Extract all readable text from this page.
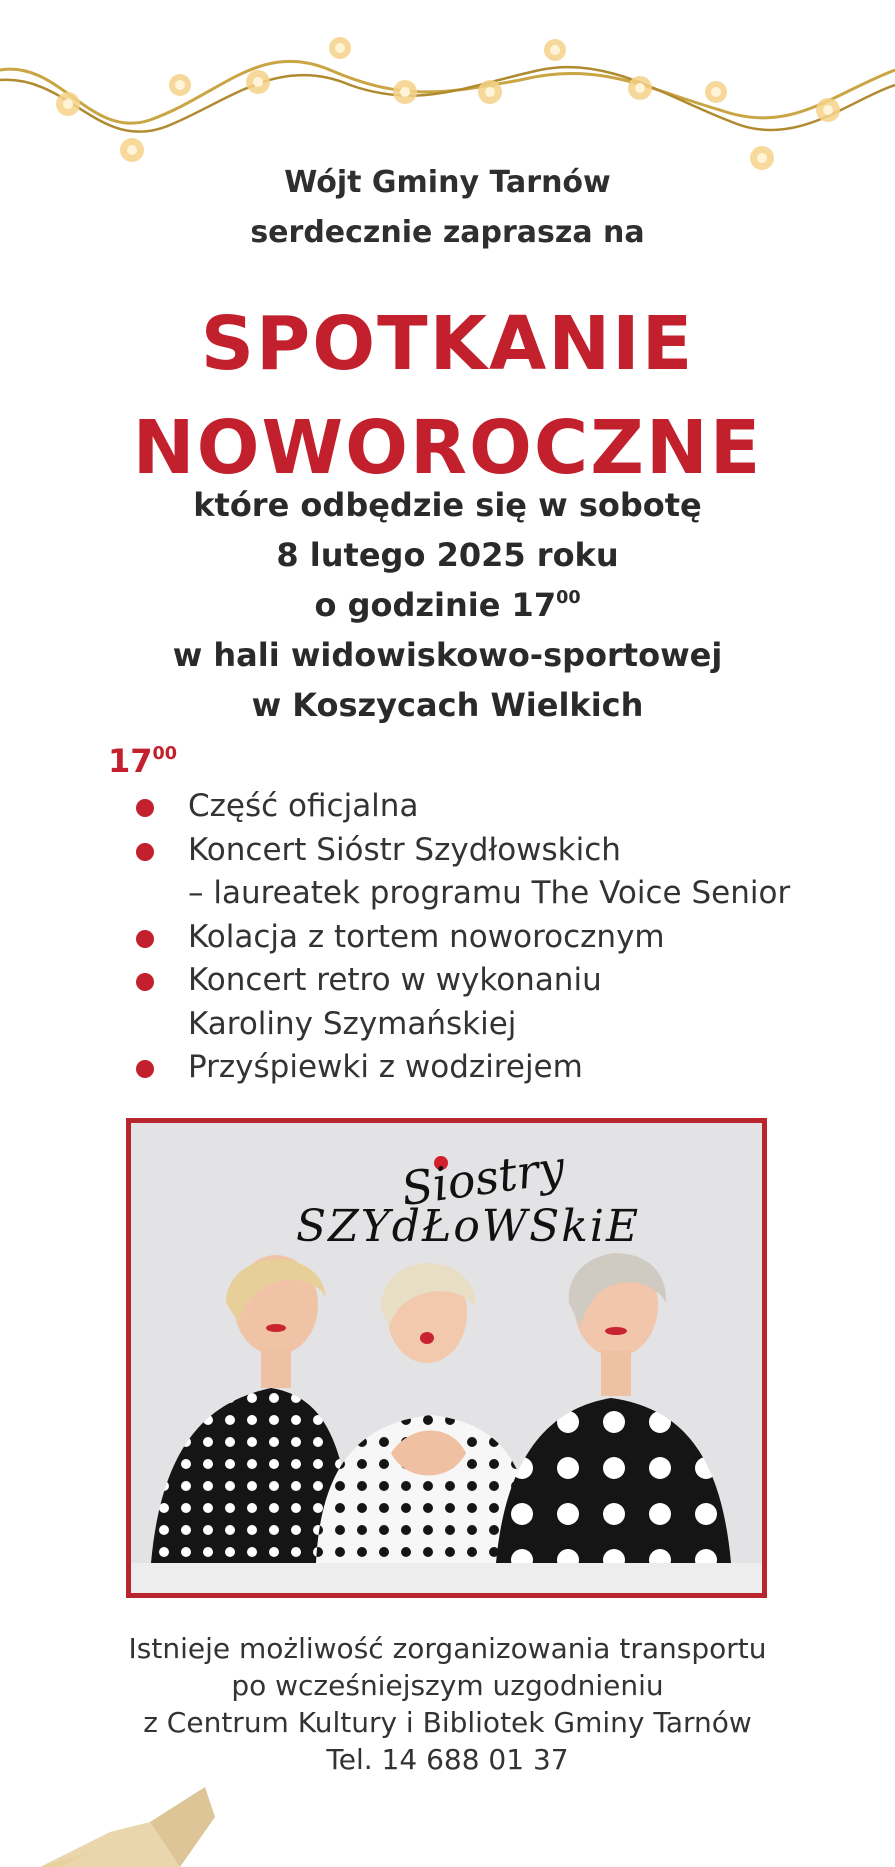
Wójt Gminy Tarnów
serdecznie zaprasza na
SPOTKANIE
NOWOROCZNE
które odbędzie się w sobotę
8 lutego 2025 roku
o godzinie $17^{00}$
w hali widowiskowo-sportowej
w Koszycach Wielkich
$17^{00}$
Część oficjalna
Koncert Sióstr Szydłowskich
– laureatek programu The Voice Senior
Kolacja z tortem noworocznym
Koncert retro w wykonaniu
Karoliny Szymańskiej
Przyśpiewki z wodzirejem
Siostry
SZYdŁoWSkiE
Istnieje możliwość zorganizowania transportu
po wcześniejszym uzgodnieniu
z Centrum Kultury i Bibliotek Gminy Tarnów
Tel. 14 688 01 37
